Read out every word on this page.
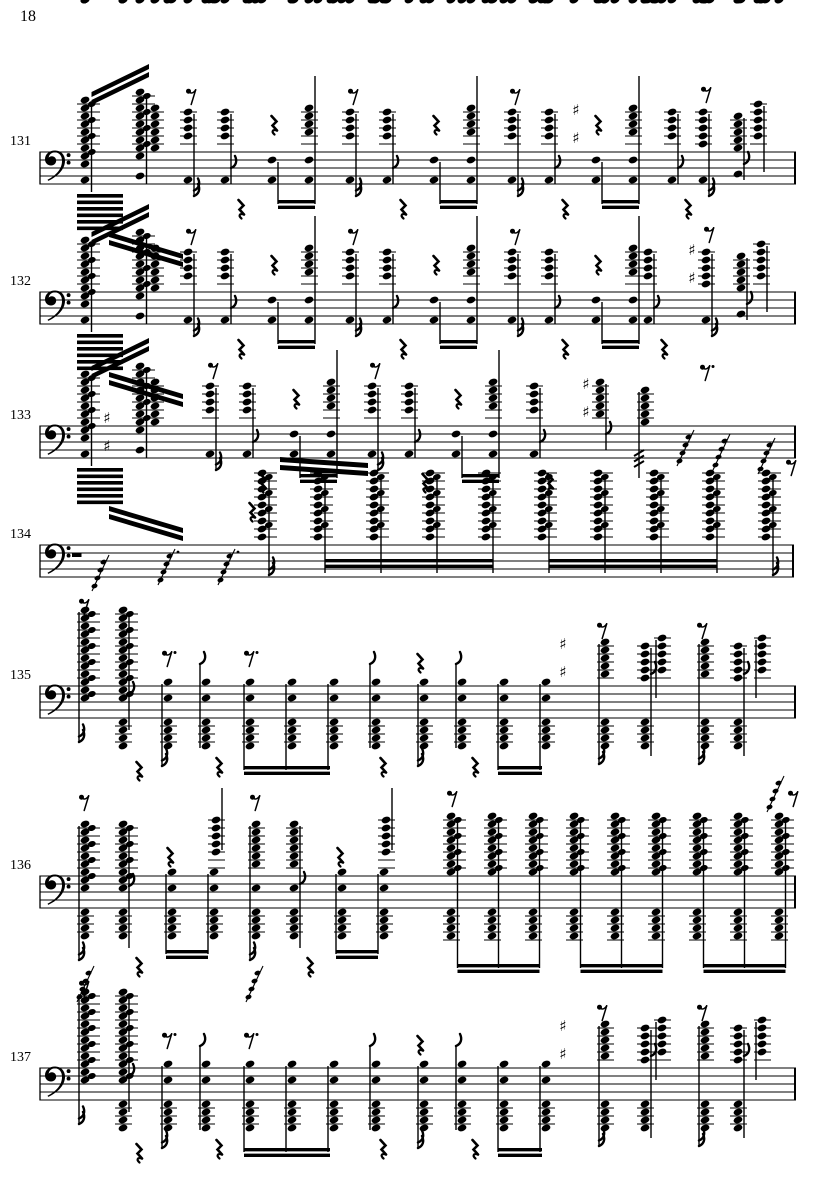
18
131
132
133
134
135
136
137
♯
♯
♯
♯
♯
♯
♯
♯
♯
♯
♯
♯
